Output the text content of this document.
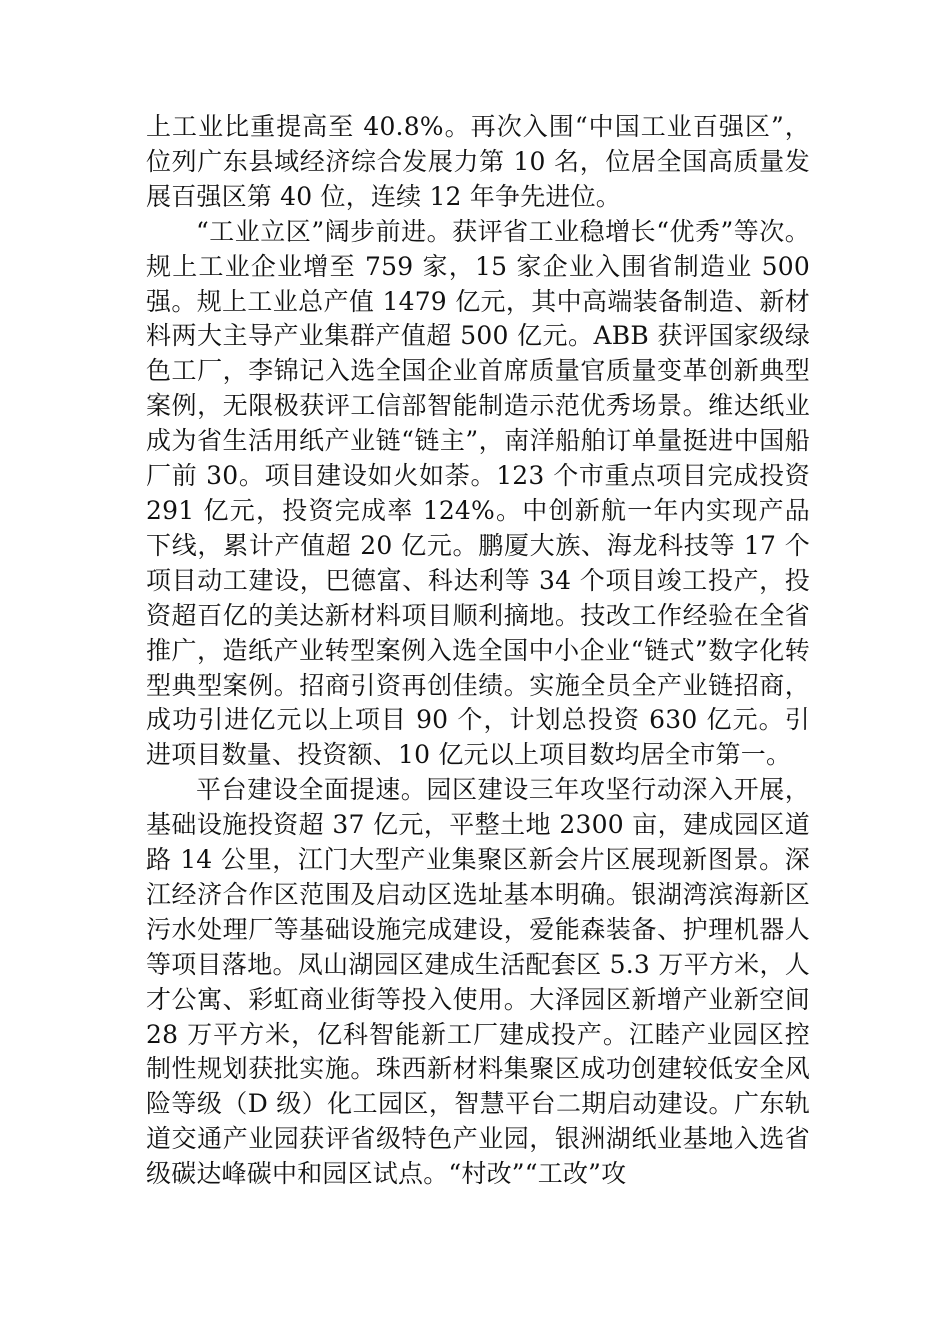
上工业比重提高至 40.8%。再次入围“中国工业百强区”，位列广东县域经济综合发展力第 10 名，位居全国高质量发展百强区第 40 位，连续 12 年争先进位。

“工业立区”阔步前进。获评省工业稳增长“优秀”等次。规上工业企业增至 759 家，15 家企业入围省制造业 500 强。规上工业总产值 1479 亿元，其中高端装备制造、新材料两大主导产业集群产值超 500 亿元。ABB 获评国家级绿色工厂，李锦记入选全国企业首席质量官质量变革创新典型案例，无限极获评工信部智能制造示范优秀场景。维达纸业成为省生活用纸产业链“链主”，南洋船舶订单量挺进中国船厂前 30。项目建设如火如荼。123 个市重点项目完成投资 291 亿元，投资完成率 124%。中创新航一年内实现产品下线，累计产值超 20 亿元。鹏厦大族、海龙科技等 17 个项目动工建设，巴德富、科达利等 34 个项目竣工投产，投资超百亿的美达新材料项目顺利摘地。技改工作经验在全省推广，造纸产业转型案例入选全国中小企业“链式”数字化转型典型案例。招商引资再创佳绩。实施全员全产业链招商，成功引进亿元以上项目 90 个，计划总投资 630 亿元。引进项目数量、投资额、10 亿元以上项目数均居全市第一。

平台建设全面提速。园区建设三年攻坚行动深入开展，基础设施投资超 37 亿元，平整土地 2300 亩，建成园区道路 14 公里，江门大型产业集聚区新会片区展现新图景。深江经济合作区范围及启动区选址基本明确。银湖湾滨海新区污水处理厂等基础设施完成建设，爱能森装备、护理机器人等项目落地。凤山湖园区建成生活配套区 5.3 万平方米，人才公寓、彩虹商业街等投入使用。大泽园区新增产业新空间 28 万平方米，亿科智能新工厂建成投产。江睦产业园区控制性规划获批实施。珠西新材料集聚区成功创建较低安全风险等级（D 级）化工园区，智慧平台二期启动建设。广东轨道交通产业园获评省级特色产业园，银洲湖纸业基地入选省级碳达峰碳中和园区试点。“村改”“工改”攻
